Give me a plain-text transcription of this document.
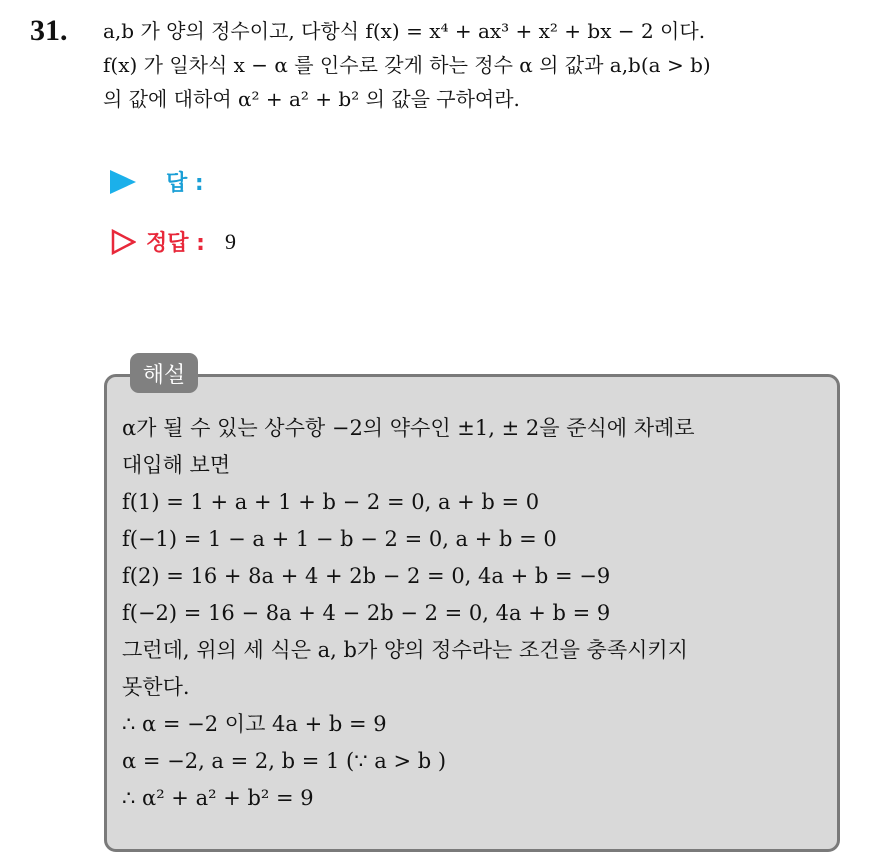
31. a,b 가 양의 정수이고, 다항식 f(x) = x⁴ + ax³ + x² + bx − 2 이다.
f(x) 가 일차식 x − α 를 인수로 갖게 하는 정수 α 의 값과 a,b(a > b)
의 값에 대하여 α² + a² + b² 의 값을 구하여라.
답 :
정답 : 9
해설
α가 될 수 있는 상수항 −2의 약수인 ±1, ± 2을 준식에 차례로
대입해 보면
f(1) = 1 + a + 1 + b − 2 = 0, a + b = 0
f(−1) = 1 − a + 1 − b − 2 = 0, a + b = 0
f(2) = 16 + 8a + 4 + 2b − 2 = 0, 4a + b = −9
f(−2) = 16 − 8a + 4 − 2b − 2 = 0, 4a + b = 9
그런데, 위의 세 식은 a, b가 양의 정수라는 조건을 충족시키지
못한다.
∴ α = −2 이고 4a + b = 9
α = −2, a = 2, b = 1 (∵ a > b )
∴ α² + a² + b² = 9
